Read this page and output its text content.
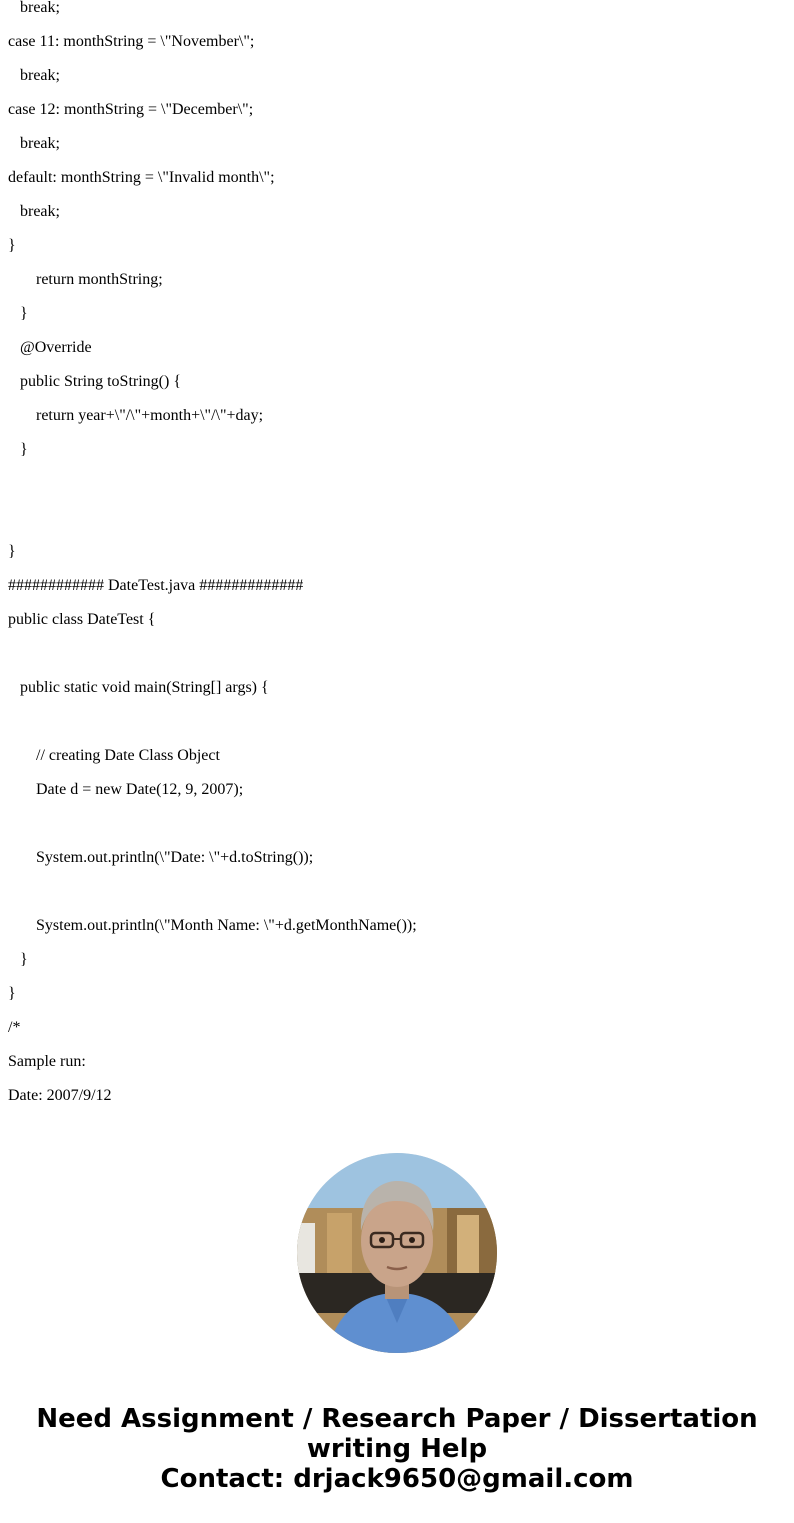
break;
case 11: monthString = \"November\";
break;
case 12: monthString = \"December\";
break;
default: monthString = \"Invalid month\";
break;
}
return monthString;
}
@Override
public String toString() {
return year+\"/\"+month+\"/\"+day;
}
}
############ DateTest.java #############
public class DateTest {
public static void main(String[] args) {
// creating Date Class Object
Date d = new Date(12, 9, 2007);
System.out.println(\"Date: \"+d.toString());
System.out.println(\"Month Name: \"+d.getMonthName());
}
}
/*
Sample run:
Date: 2007/9/12
Need Assignment / Research Paper / Dissertation
writing Help
Contact: drjack9650@gmail.com
